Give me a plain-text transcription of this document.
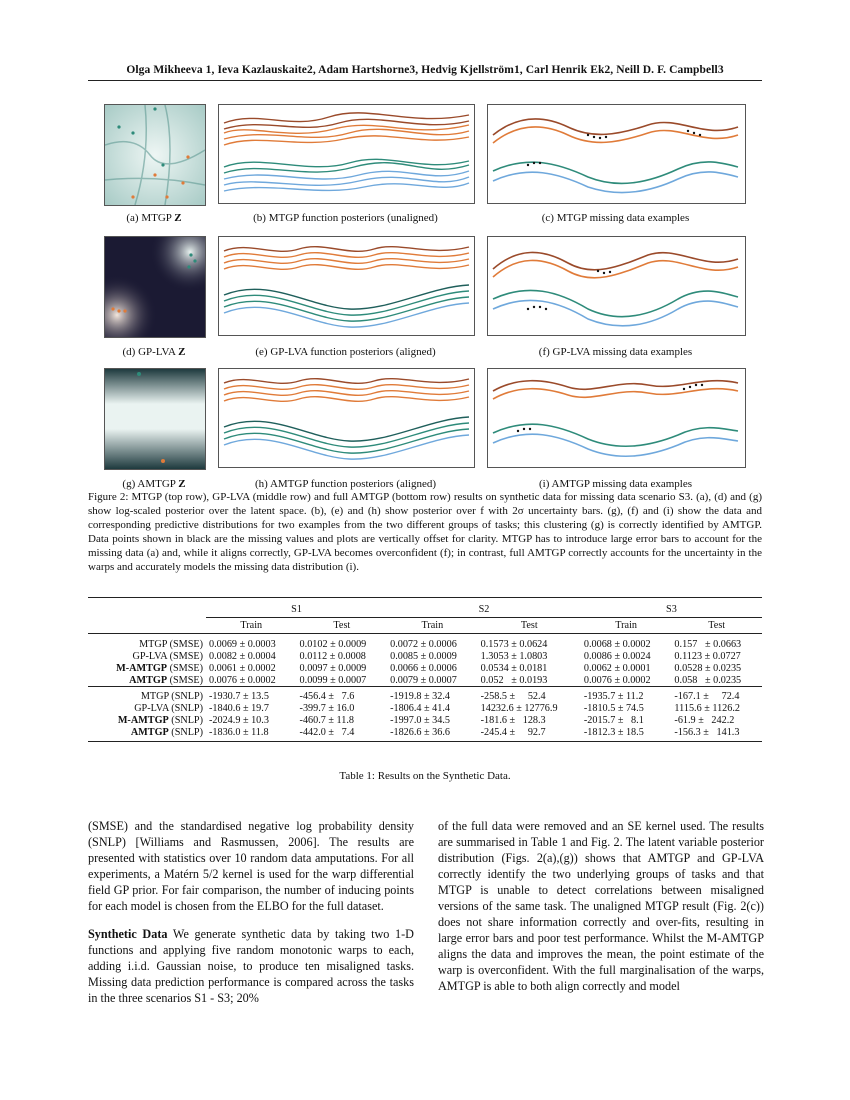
Olga Mikheeva 1, Ieva Kazlauskaite2, Adam Hartshorne3, Hedvig Kjellström1, Carl Henrik Ek2, Neill D. F. Campbell3
(a) MTGP Z	(b) MTGP function posteriors (unaligned)	(c) MTGP missing data examples
(d) GP-LVA Z	(e) GP-LVA function posteriors (aligned)	(f) GP-LVA missing data examples
(g) AMTGP Z	(h) AMTGP function posteriors (aligned)	(i) AMTGP missing data examples
Figure 2: MTGP (top row), GP-LVA (middle row) and full AMTGP (bottom row) results on synthetic data for missing data scenario S3. (a), (d) and (g) show log-scaled posterior over the latent space. (b), (e) and (h) show posterior over f with 2σ uncertainty bars. (g), (f) and (i) show the data and corresponding predictive distributions for two examples from the two different groups of tasks; this clustering (g) is correctly identified by AMTGP. Data points shown in black are the missing values and plots are vertically offset for clarity. MTGP has to introduce large error bars to account for the missing data (a) and, while it aligns correctly, GP-LVA becomes overconfident (f); in contrast, full AMTGP correctly accounts for the uncertainty in the warps and accurately models the missing data distribution (i).
	S1		S2		S3	
	Train	Test	Train	Test	Train	Test
MTGP (SMSE)	0.0069 ± 0.0003	0.0102 ± 0.0009	0.0072 ± 0.0006	0.1573 ± 0.0624	0.0068 ± 0.0002	0.157   ± 0.0663
GP-LVA (SMSE)	0.0082 ± 0.0004	0.0112 ± 0.0008	0.0085 ± 0.0009	1.3053 ± 1.0803	0.0086 ± 0.0024	0.1123 ± 0.0727
M-AMTGP (SMSE)	0.0061 ± 0.0002	0.0097 ± 0.0009	0.0066 ± 0.0006	0.0534 ± 0.0181	0.0062 ± 0.0001	0.0528 ± 0.0235
AMTGP (SMSE)	0.0076 ± 0.0002	0.0099 ± 0.0007	0.0079 ± 0.0007	0.052   ± 0.0193	0.0076 ± 0.0002	0.058   ± 0.0235
MTGP (SNLP)	-1930.7 ± 13.5	-456.4 ±   7.6	-1919.8 ± 32.4	-258.5 ±     52.4	-1935.7 ± 11.2	-167.1 ±     72.4
GP-LVA (SNLP)	-1840.6 ± 19.7	-399.7 ± 16.0	-1806.4 ± 41.4	14232.6 ± 12776.9	-1810.5 ± 74.5	1115.6 ± 1126.2
M-AMTGP (SNLP)	-2024.9 ± 10.3	-460.7 ± 11.8	-1997.0 ± 34.5	-181.6 ±   128.3	-2015.7 ±   8.1	-61.9 ±   242.2
AMTGP (SNLP)	-1836.0 ± 11.8	-442.0 ±   7.4	-1826.6 ± 36.6	-245.4 ±     92.7	-1812.3 ± 18.5	-156.3 ±   141.3
Table 1: Results on the Synthetic Data.

(SMSE) and the standardised negative log probability density (SNLP) [Williams and Rasmussen, 2006]. The results are presented with statistics over 10 random data amputations. For all experiments, a Matérn 5/2 kernel is used for the warp differential field GP prior. For fair comparison, the number of inducing points for each model is chosen from the ELBO for the full dataset.

Synthetic Data We generate synthetic data by taking two 1-D functions and applying five random monotonic warps to each, adding i.i.d. Gaussian noise, to produce ten misaligned tasks. Missing data prediction performance is compared across the tasks in the three scenarios S1 - S3; 20%

of the full data were removed and an SE kernel used. The results are summarised in Table 1 and Fig. 2. The latent variable posterior distribution (Figs. 2(a),(g)) shows that AMTGP and GP-LVA correctly identify the two underlying groups of tasks and that MTGP is unable to detect correlations between misaligned versions of the same task. The unaligned MTGP result (Fig. 2(c)) does not share information correctly and over-fits, resulting in large error bars and poor test performance. Whilst the M-AMTGP aligns the data and improves the mean, the point estimate of the warp is overconfident. With the full marginalisation of the warps, AMTGP is able to both align correctly and model
